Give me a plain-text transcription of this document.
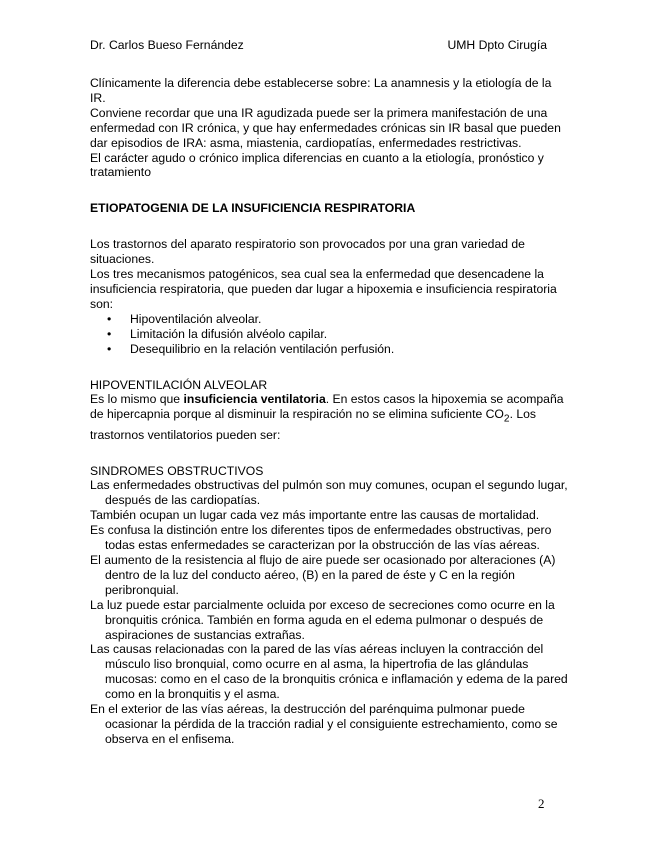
Dr. Carlos Bueso Fernández	UMH Dpto Cirugía

Clínicamente la diferencia debe establecerse sobre: La anamnesis y la etiología de la IR.

Conviene recordar que una IR agudizada puede ser la primera manifestación de una enfermedad con IR crónica, y que hay enfermedades crónicas sin IR basal que pueden dar episodios de IRA: asma, miastenia, cardiopatías, enfermedades restrictivas.

El carácter agudo o crónico implica diferencias en cuanto a la etiología, pronóstico y tratamiento

ETIOPATOGENIA DE LA INSUFICIENCIA RESPIRATORIA

Los trastornos del aparato respiratorio son provocados por una gran variedad de situaciones.

Los tres mecanismos patogénicos, sea cual sea la enfermedad que desencadene la insuficiencia respiratoria, que pueden dar lugar a hipoxemia e insuficiencia respiratoria son:

• Hipoventilación alveolar.
• Limitación la difusión alvéolo capilar.
• Desequilibrio en la relación ventilación perfusión.

HIPOVENTILACIÓN ALVEOLAR

Es lo mismo que insuficiencia ventilatoria. En estos casos la hipoxemia se acompaña de hipercapnia porque al disminuir la respiración no se elimina suficiente $CO_2$. Los trastornos ventilatorios pueden ser:

SINDROMES OBSTRUCTIVOS

Las enfermedades obstructivas del pulmón son muy comunes, ocupan el segundo lugar, después de las cardiopatías.

También ocupan un lugar cada vez más importante entre las causas de mortalidad.

Es confusa la distinción entre los diferentes tipos de enfermedades obstructivas, pero todas estas enfermedades se caracterizan por la obstrucción de las vías aéreas.

El aumento de la resistencia al flujo de aire puede ser ocasionado por alteraciones (A) dentro de la luz del conducto aéreo, (B) en la pared de éste y C en la región peribronquial.

La luz puede estar parcialmente ocluida por exceso de secreciones como ocurre en la bronquitis crónica. También en forma aguda en el edema pulmonar o después de aspiraciones de sustancias extrañas.

Las causas relacionadas con la pared de las vías aéreas incluyen la contracción del músculo liso bronquial, como ocurre en al asma, la hipertrofia de las glándulas mucosas: como en el caso de la bronquitis crónica e inflamación y edema de la pared como en la bronquitis y el asma.

En el exterior de las vías aéreas, la destrucción del parénquima pulmonar puede ocasionar la pérdida de la tracción radial y el consiguiente estrechamiento, como se observa en el enfisema.

2
